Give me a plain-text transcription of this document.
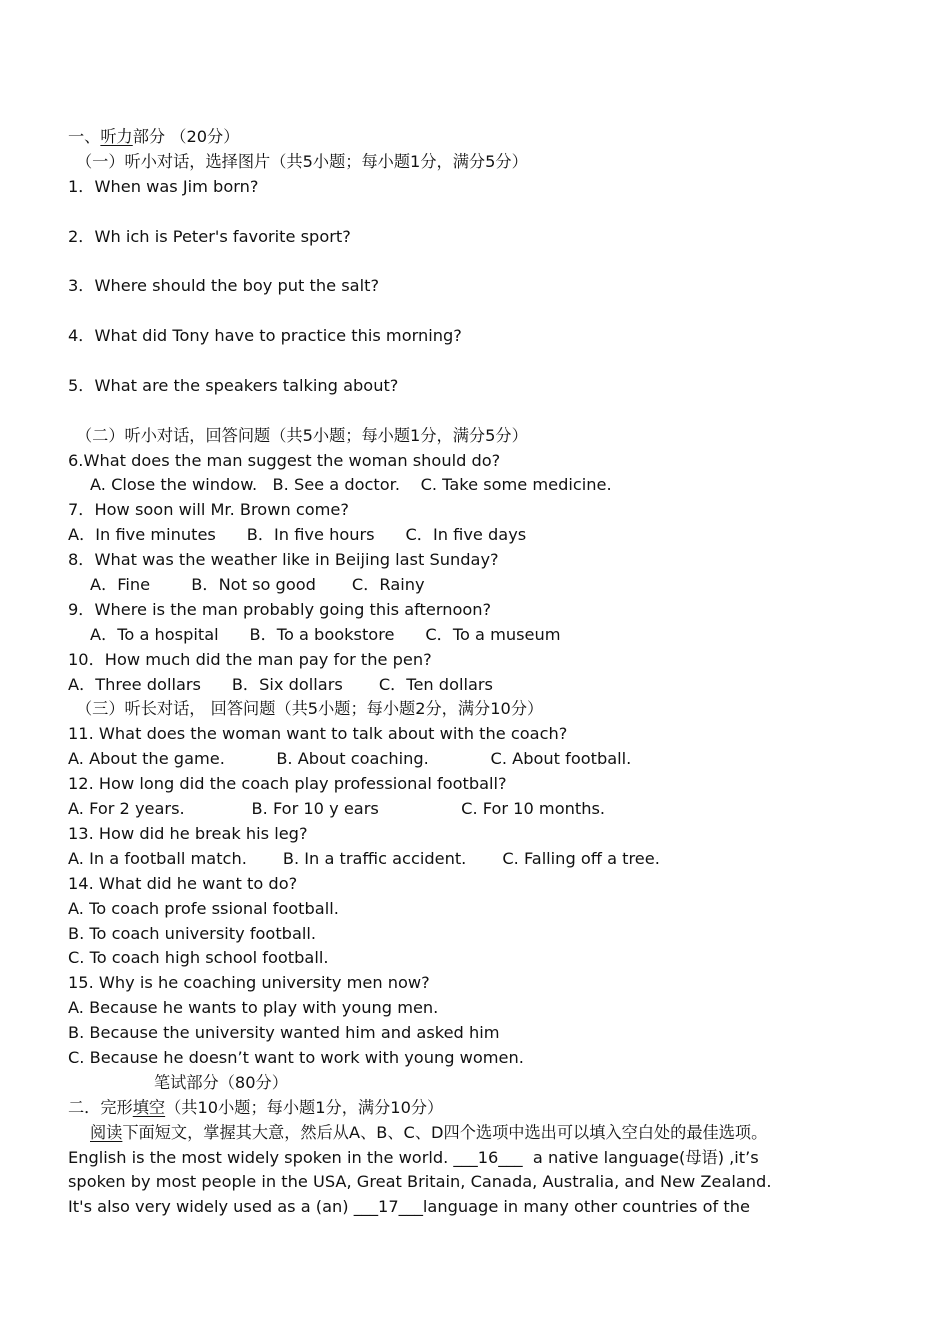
一、听力部分 （20分）

（一）听小对话，选择图片（共5小题；每小题1分，满分5分）

1．When was Jim born?

2．Wh ich is Peter's favorite sport?

3．Where should the boy put the salt?

4．What did Tony have to practice this morning?

5．What are the speakers talking about?

（二）听小对话，回答问题（共5小题；每小题1分，满分5分）

6.What does the man suggest the woman should do?

A. Close the window.   B. See a doctor.    C. Take some medicine.

7．How soon will Mr. Brown come?

A．In five minutes      B．In five hours      C．In five days

8．What was the weather like in Beijing last Sunday?

A．Fine        B．Not so good       C．Rainy

9．Where is the man probably going this afternoon?

A．To a hospital      B．To a bookstore      C．To a museum

10．How much did the man pay for the pen?

A．Three dollars      B．Six dollars       C．Ten dollars

（三）听长对话， 回答问题（共5小题；每小题2分，满分10分）

11. What does the woman want to talk about with the coach?

A. About the game.          B. About coaching.            C. About football.

12. How long did the coach play professional football?

A. For 2 years.             B. For 10 y ears                C. For 10 months.

13. How did he break his leg?

A. In a football match.       B. In a traffic accident.       C. Falling off a tree.

14. What did he want to do?

A. To coach profe ssional football.

B. To coach university football.

C. To coach high school football.

15. Why is he coaching university men now?

A. Because he wants to play with young men.

B. Because the university wanted him and asked him

C. Because he doesn’t want to work with young women.

笔试部分（80分）

二．完形填空（共10小题；每小题1分，满分10分）

阅读下面短文，掌握其大意，然后从A、B、C、D四个选项中选出可以填入空白处的最佳选项。

English is the most widely spoken in the world. ___16___  a native language(母语) ,it’s

spoken by most people in the USA, Great Britain, Canada, Australia, and New Zealand.

It's also very widely used as a (an) ___17___language in many other countries of the
